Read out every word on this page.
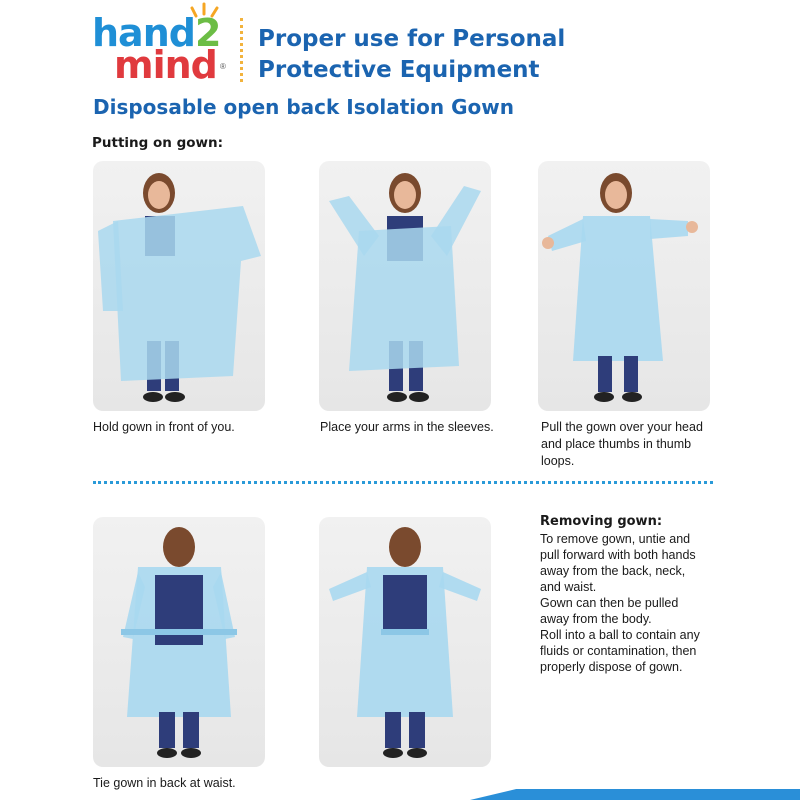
hand2
mind ®
Proper use for Personal
Protective Equipment
Disposable open back Isolation Gown
Putting on gown:
Hold gown in front of you.	Place your arms in the sleeves.	Pull the gown over your head
and place thumbs in thumb
loops.
Tie gown in back at waist.
Removing gown:
To remove gown, untie and
pull forward with both hands
away from the back, neck,
and waist.
Gown can then be pulled
away from the body.
Roll into a ball to contain any
fluids or contamination, then
properly dispose of gown.
